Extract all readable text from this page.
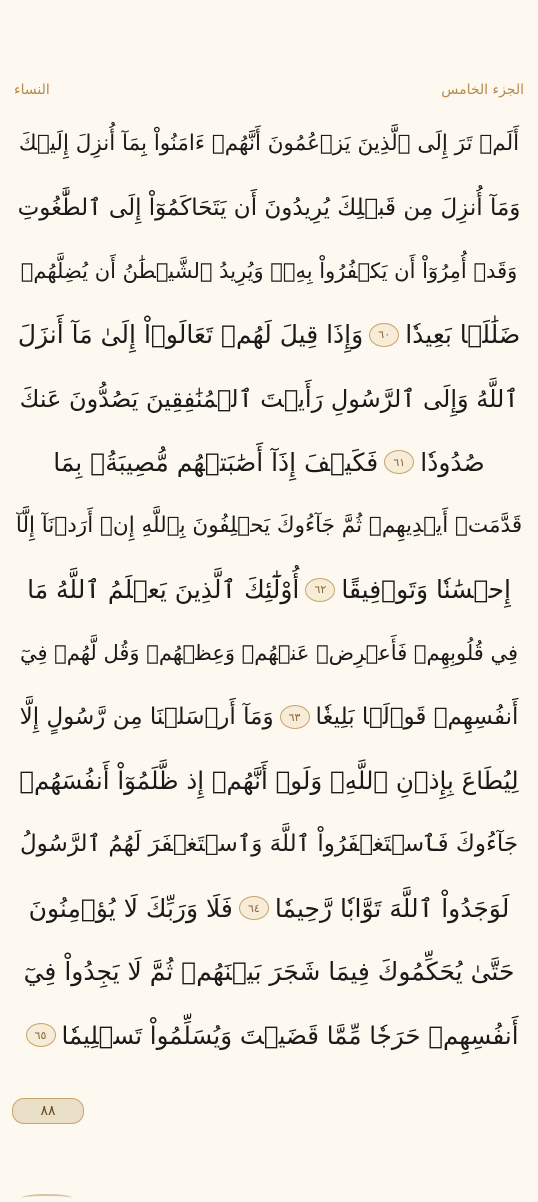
الجزء الخامس
النساء
أَلَمۡ تَرَ إِلَى ٱلَّذِينَ يَزۡعُمُونَ أَنَّهُمۡ ءَامَنُواْ بِمَآ أُنزِلَ إِلَيۡكَ
وَمَآ أُنزِلَ مِن قَبۡلِكَ يُرِيدُونَ أَن يَتَحَاكَمُوٓاْ إِلَى ٱلطَّٰغُوتِ
وَقَدۡ أُمِرُوٓاْ أَن يَكۡفُرُواْ بِهِۦۖ وَيُرِيدُ ٱلشَّيۡطَٰنُ أَن يُضِلَّهُمۡ
ضَلَٰلَۢا بَعِيدٗا
٦٠
وَإِذَا قِيلَ لَهُمۡ تَعَالَوۡاْ إِلَىٰ مَآ أَنزَلَ
ٱللَّهُ وَإِلَى ٱلرَّسُولِ رَأَيۡتَ ٱلۡمُنَٰفِقِينَ يَصُدُّونَ عَنكَ
صُدُودٗا
٦١
فَكَيۡفَ إِذَآ أَصَٰبَتۡهُم مُّصِيبَةُۢ بِمَا
قَدَّمَتۡ أَيۡدِيهِمۡ ثُمَّ جَآءُوكَ يَحۡلِفُونَ بِٱللَّهِ إِنۡ أَرَدۡنَآ إِلَّآ
إِحۡسَٰنٗا وَتَوۡفِيقًا
٦٢
أُوْلَٰٓئِكَ ٱلَّذِينَ يَعۡلَمُ ٱللَّهُ مَا
فِي قُلُوبِهِمۡ فَأَعۡرِضۡ عَنۡهُمۡ وَعِظۡهُمۡ وَقُل لَّهُمۡ فِيٓ
أَنفُسِهِمۡ قَوۡلَۢا بَلِيغٗا
٦٣
وَمَآ أَرۡسَلۡنَا مِن رَّسُولٍ إِلَّا
لِيُطَاعَ بِإِذۡنِ ٱللَّهِۚ وَلَوۡ أَنَّهُمۡ إِذ ظَّلَمُوٓاْ أَنفُسَهُمۡ
جَآءُوكَ فَٱسۡتَغۡفَرُواْ ٱللَّهَ وَٱسۡتَغۡفَرَ لَهُمُ ٱلرَّسُولُ
لَوَجَدُواْ ٱللَّهَ تَوَّابٗا رَّحِيمٗا
٦٤
فَلَا وَرَبِّكَ لَا يُؤۡمِنُونَ
حَتَّىٰ يُحَكِّمُوكَ فِيمَا شَجَرَ بَيۡنَهُمۡ ثُمَّ لَا يَجِدُواْ فِيٓ
أَنفُسِهِمۡ حَرَجٗا مِّمَّا قَضَيۡتَ وَيُسَلِّمُواْ تَسۡلِيمٗا
٦٥
٨٨
